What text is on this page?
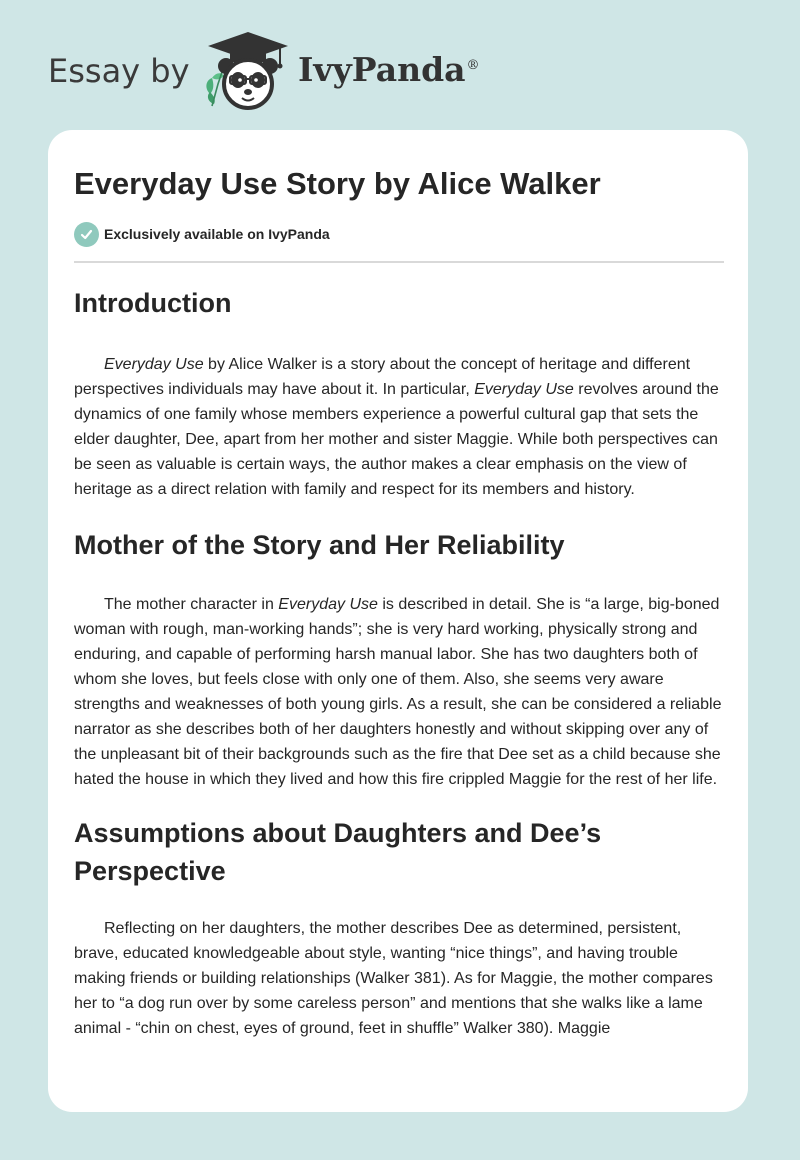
Essay by	IvyPanda®
Everyday Use Story by Alice Walker
Exclusively available on IvyPanda
Introduction

Everyday Use by Alice Walker is a story about the concept of heritage and different perspectives individuals may have about it. In particular, Everyday Use revolves around the dynamics of one family whose members experience a powerful cultural gap that sets the elder daughter, Dee, apart from her mother and sister Maggie. While both perspectives can be seen as valuable is certain ways, the author makes a clear emphasis on the view of heritage as a direct relation with family and respect for its members and history.

Mother of the Story and Her Reliability

The mother character in Everyday Use is described in detail. She is “a large, big-boned woman with rough, man-working hands”; she is very hard working, physically strong and enduring, and capable of performing harsh manual labor. She has two daughters both of whom she loves, but feels close with only one of them. Also, she seems very aware strengths and weaknesses of both young girls. As a result, she can be considered a reliable narrator as she describes both of her daughters honestly and without skipping over any of the unpleasant bit of their backgrounds such as the fire that Dee set as a child because she hated the house in which they lived and how this fire crippled Maggie for the rest of her life.

Assumptions about Daughters and Dee’s Perspective

Reflecting on her daughters, the mother describes Dee as determined, persistent, brave, educated knowledgeable about style, wanting “nice things”, and having trouble making friends or building relationships (Walker 381). As for Maggie, the mother compares her to “a dog run over by some careless person” and mentions that she walks like a lame animal - “chin on chest, eyes of ground, feet in shuffle” Walker 380). Maggie
